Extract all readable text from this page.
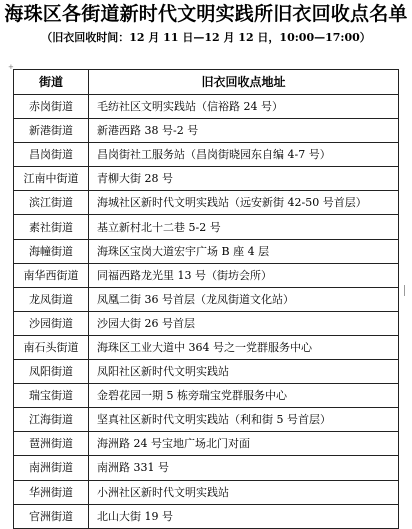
海珠区各街道新时代文明实践所旧衣回收点名单
（旧衣回收时间：12 月 11 日—12 月 12 日，10:00—17:00）
+
街道	旧衣回收点地址
赤岗街道	毛纺社区文明实践站（信裕路 24 号）
新港街道	新港西路 38 号-2 号
昌岗街道	昌岗街社工服务站（昌岗街晓园东自编 4-7 号）
江南中街道	青柳大街 28 号
滨江街道	海城社区新时代文明实践站（远安新街 42-50 号首层）
素社街道	基立新村北十二巷 5-2 号
海幢街道	海珠区宝岗大道宏宇广场 B 座 4 层
南华西街道	同福西路龙光里 13 号（街坊会所）
龙凤街道	凤凰二街 36 号首层（龙凤街道文化站）
沙园街道	沙园大街 26 号首层
南石头街道	海珠区工业大道中 364 号之一党群服务中心
凤阳街道	凤阳社区新时代文明实践站
瑞宝街道	金碧花园一期 5 栋旁瑞宝党群服务中心
江海街道	坚真社区新时代文明实践站（利和街 5 号首层）
琶洲街道	海洲路 24 号宝地广场北门对面
南洲街道	南洲路 331 号
华洲街道	小洲社区新时代文明实践站
官洲街道	北山大街 19 号
